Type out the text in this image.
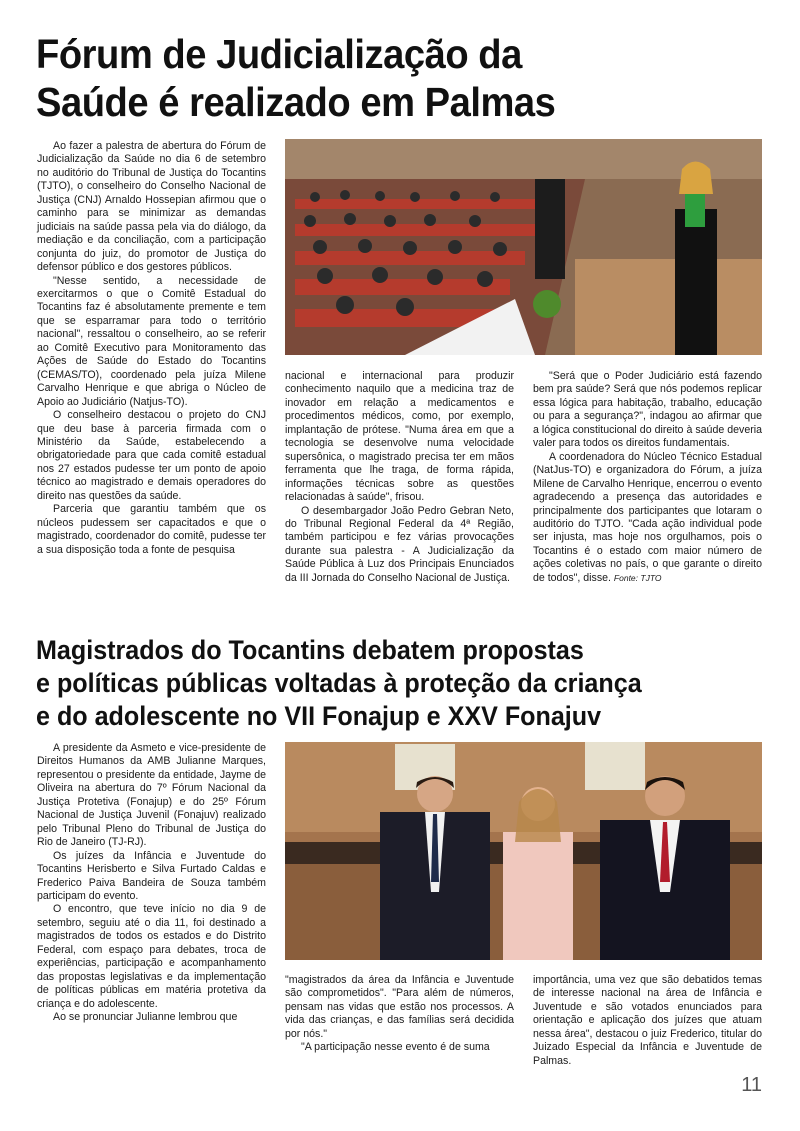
Fórum de Judicialização da
Saúde é realizado em Palmas

Ao fazer a palestra de abertura do Fórum de Judicialização da Saúde no dia 6 de setembro no auditório do Tribunal de Justiça do Tocantins (TJTO), o conselheiro do Conselho Nacional de Justiça (CNJ) Arnaldo Hossepian afirmou que o caminho para se minimizar as demandas judiciais na saúde passa pela via do diálogo, da mediação e da conciliação, com a participação conjunta do juiz, do promotor de Justiça do defensor público e dos gestores públicos.

"Nesse sentido, a necessidade de exercitarmos o que o Comitê Estadual do Tocantins faz é absolutamente premente e tem que se esparramar para todo o território nacional", ressaltou o conselheiro, ao se referir ao Comitê Executivo para Monitoramento das Ações de Saúde do Estado do Tocantins (CEMAS/TO), coordenado pela juíza Milene Carvalho Henrique e que abriga o Núcleo de Apoio ao Judiciário (Natjus-TO).

O conselheiro destacou o projeto do CNJ que deu base à parceria firmada com o Ministério da Saúde, estabelecendo a obrigatoriedade para que cada comitê estadual nos 27 estados pudesse ter um ponto de apoio técnico ao magistrado e demais operadores do direito nas questões da saúde.

Parceria que garantiu também que os núcleos pudessem ser capacitados e que o magistrado, coordenador do comitê, pudesse ter a sua disposição toda a fonte de pesquisa

nacional e internacional para produzir conhecimento naquilo que a medicina traz de inovador em relação a medicamentos e procedimentos médicos, como, por exemplo, implantação de prótese. "Numa área em que a tecnologia se desenvolve numa velocidade supersônica, o magistrado precisa ter em mãos ferramenta que lhe traga, de forma rápida, informações técnicas sobre as questões relacionadas à saúde", frisou.

O desembargador João Pedro Gebran Neto, do Tribunal Regional Federal da 4ª Região, também participou e fez várias provocações durante sua palestra - A Judicialização da Saúde Pública à Luz dos Principais Enunciados da III Jornada do Conselho Nacional de Justiça.

"Será que o Poder Judiciário está fazendo bem pra saúde? Será que nós podemos replicar essa lógica para habitação, trabalho, educação ou para a segurança?", indagou ao afirmar que a lógica constitucional do direito à saúde deveria valer para todos os direitos fundamentais.

A coordenadora do Núcleo Técnico Estadual (NatJus-TO) e organizadora do Fórum, a juíza Milene de Carvalho Henrique, encerrou o evento agradecendo a presença das autoridades e principalmente dos participantes que lotaram o auditório do TJTO. "Cada ação individual pode ser injusta, mas hoje nos orgulhamos, pois o Tocantins é o estado com maior número de ações coletivas no país, o que garante o direito de todos", disse. Fonte: TJTO

Magistrados do Tocantins debatem propostas
e políticas públicas voltadas à proteção da criança
e do adolescente no VII Fonajup e XXV Fonajuv

A presidente da Asmeto e vice-presidente de Direitos Humanos da AMB Julianne Marques, representou o presidente da entidade, Jayme de Oliveira na abertura do 7º Fórum Nacional da Justiça Protetiva (Fonajup) e do 25º Fórum Nacional de Justiça Juvenil (Fonajuv) realizado pelo Tribunal Pleno do Tribunal de Justiça do Rio de Janeiro (TJ-RJ).

Os juízes da Infância e Juventude do Tocantins Herisberto e Silva Furtado Caldas e Frederico Paiva Bandeira de Souza também participam do evento.

O encontro, que teve início no dia 9 de setembro, seguiu até o dia 11, foi destinado a magistrados de todos os estados e do Distrito Federal, com espaço para debates, troca de experiências, participação e acompanhamento das propostas legislativas e da implementação de políticas públicas em matéria protetiva da criança e do adolescente.

Ao se pronunciar Julianne lembrou que

"magistrados da área da Infância e Juventude são comprometidos". "Para além de números, pensam nas vidas que estão nos processos. A vida das crianças, e das famílias será decidida por nós."

"A participação nesse evento é de suma

importância, uma vez que são debatidos temas de interesse nacional na área de Infância e Juventude e são votados enunciados para orientação e aplicação dos juízes que atuam nessa área", destacou o juiz Frederico, titular do Juizado Especial da Infância e Juventude de Palmas.

11
